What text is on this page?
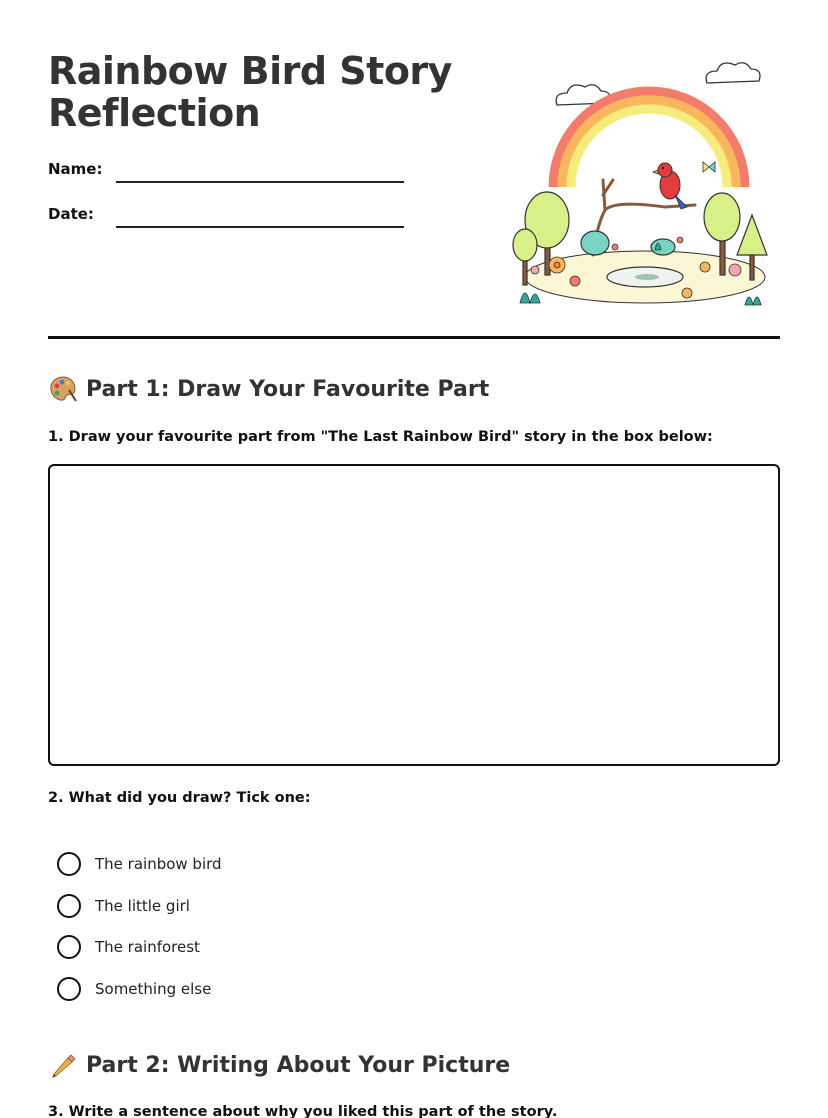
Rainbow Bird Story Reflection
Name:
Date:
Part 1: Draw Your Favourite Part
1. Draw your favourite part from "The Last Rainbow Bird" story in the box below:
2. What did you draw? Tick one:
The rainbow bird
The little girl
The rainforest
Something else
Part 2: Writing About Your Picture
3. Write a sentence about why you liked this part of the story.
